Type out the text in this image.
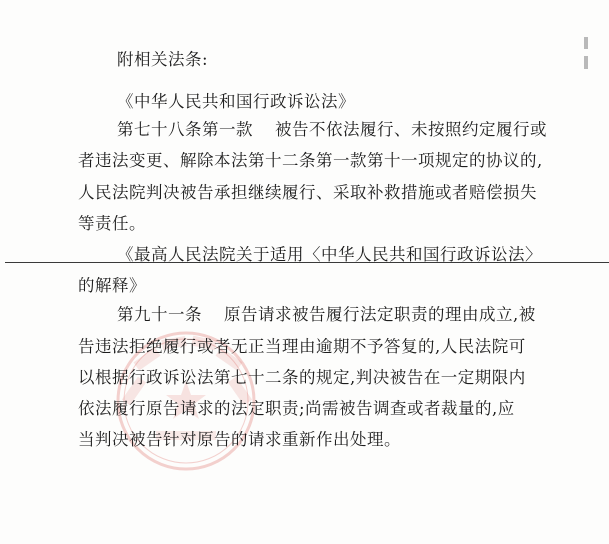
附相关法条:
《中华人民共和国行政诉讼法》
第七十八条第一款 被告不依法履行、未按照约定履行或
者违法变更、解除本法第十二条第一款第十一项规定的协议的,
人民法院判决被告承担继续履行、采取补救措施或者赔偿损失
等责任。
《最高人民法院关于适用〈中华人民共和国行政诉讼法〉
的解释》
第九十一条 原告请求被告履行法定职责的理由成立,被
告违法拒绝履行或者无正当理由逾期不予答复的,人民法院可
以根据行政诉讼法第七十二条的规定,判决被告在一定期限内
依法履行原告请求的法定职责;尚需被告调查或者裁量的,应
当判决被告针对原告的请求重新作出处理。
